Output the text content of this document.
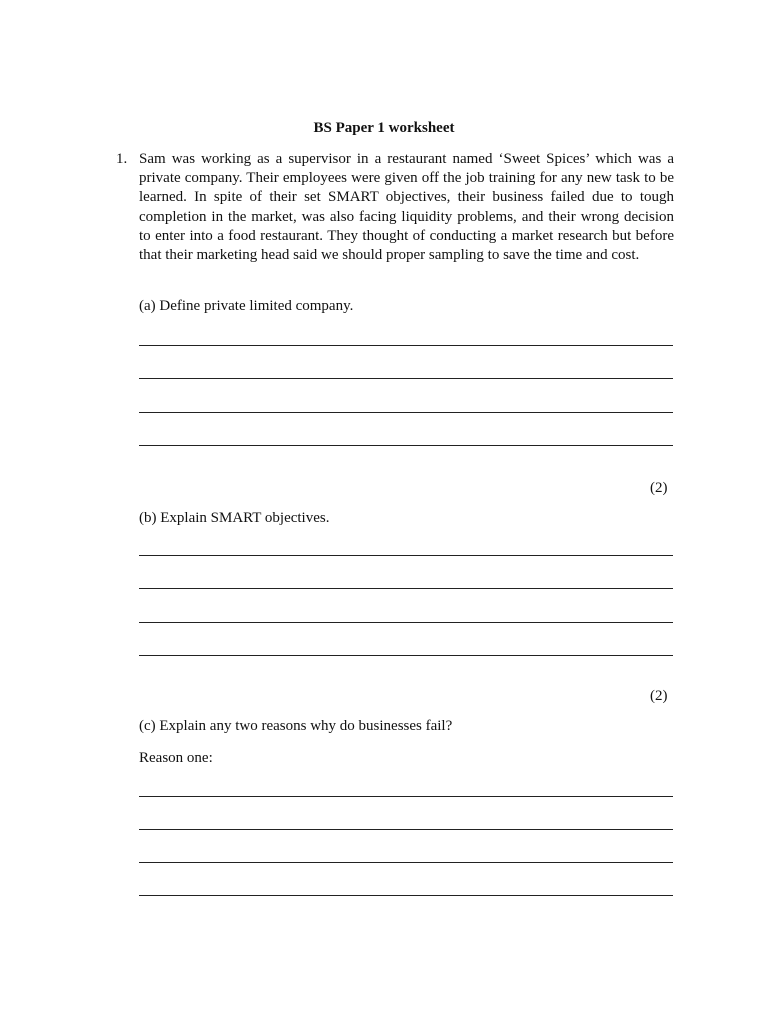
BS Paper 1 worksheet
1. Sam was working as a supervisor in a restaurant named ‘Sweet Spices’ which was a private company. Their employees were given off the job training for any new task to be learned. In spite of their set SMART objectives, their business failed due to tough completion in the market, was also facing liquidity problems, and their wrong decision to enter into a food restaurant. They thought of conducting a market research but before that their marketing head said we should proper sampling to save the time and cost.
(a) Define private limited company.
(2)
(b) Explain SMART objectives.
(2)
(c) Explain any two reasons why do businesses fail?
Reason one:
